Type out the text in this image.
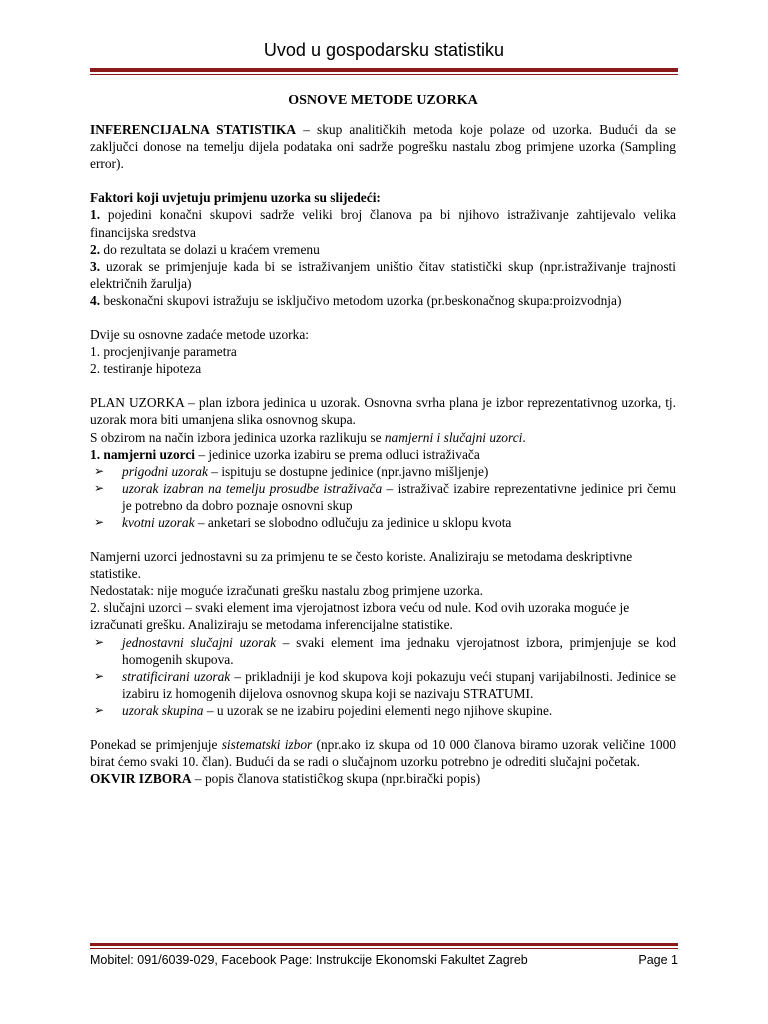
Uvod u gospodarsku statistiku
OSNOVE METODE UZORKA

INFERENCIJALNA STATISTIKA – skup analitičkih metoda koje polaze od uzorka. Budući da se zaključci donose na temelju dijela podataka oni sadrže pogrešku nastalu zbog primjene uzorka (Sampling error).

Faktori koji uvjetuju primjenu uzorka su slijedeći:

1. pojedini konačni skupovi sadrže veliki broj članova pa bi njihovo istraživanje zahtijevalo velika financijska sredstva

2. do rezultata se dolazi u kraćem vremenu

3. uzorak se primjenjuje kada bi se istraživanjem uništio čitav statistički skup (npr.istraživanje trajnosti električnih žarulja)

4. beskonačni skupovi istražuju se isključivo metodom uzorka (pr.beskonačnog skupa:proizvodnja)

Dvije su osnovne zadaće metode uzorka:

1. procjenjivanje parametra

2. testiranje hipoteza

PLAN UZORKA – plan izbora jedinica u uzorak. Osnovna svrha plana je izbor reprezentativnog uzorka, tj. uzorak mora biti umanjena slika osnovnog skupa.

S obzirom na način izbora jedinica uzorka razlikuju se namjerni i slučajni uzorci.

1. namjerni uzorci – jedinice uzorka izabiru se prema odluci istraživača

➢ prigodni uzorak – ispituju se dostupne jedinice (npr.javno mišljenje)
➢ uzorak izabran na temelju prosudbe istraživača – istraživač izabire reprezentativne jedinice pri čemu je potrebno da dobro poznaje osnovni skup
➢ kvotni uzorak – anketari se slobodno odlučuju za jedinice u sklopu kvota

Namjerni uzorci jednostavni su za primjenu te se često koriste. Analiziraju se metodama deskriptivne statistike.

Nedostatak: nije moguće izračunati grešku nastalu zbog primjene uzorka.

2. slučajni uzorci – svaki element ima vjerojatnost izbora veću od nule. Kod ovih uzoraka moguće je izračunati grešku. Analiziraju se metodama inferencijalne statistike.

➢ jednostavni slučajni uzorak – svaki element ima jednaku vjerojatnost izbora, primjenjuje se kod homogenih skupova.
➢ stratificirani uzorak – prikladniji je kod skupova koji pokazuju veći stupanj varijabilnosti. Jedinice se izabiru iz homogenih dijelova osnovnog skupa koji se nazivaju STRATUMI.
➢ uzorak skupina – u uzorak se ne izabiru pojedini elementi nego njihove skupine.

Ponekad se primjenjuje sistematski izbor (npr.ako iz skupa od 10 000 članova biramo uzorak veličine 1000 birat ćemo svaki 10. član). Budući da se radi o slučajnom uzorku potrebno je odrediti slučajni početak.

OKVIR IZBORA – popis članova statistiĉkog skupa (npr.birački popis)

Mobitel: 091/6039-029, Facebook Page: Instrukcije Ekonomski Fakultet Zagreb	Page 1
